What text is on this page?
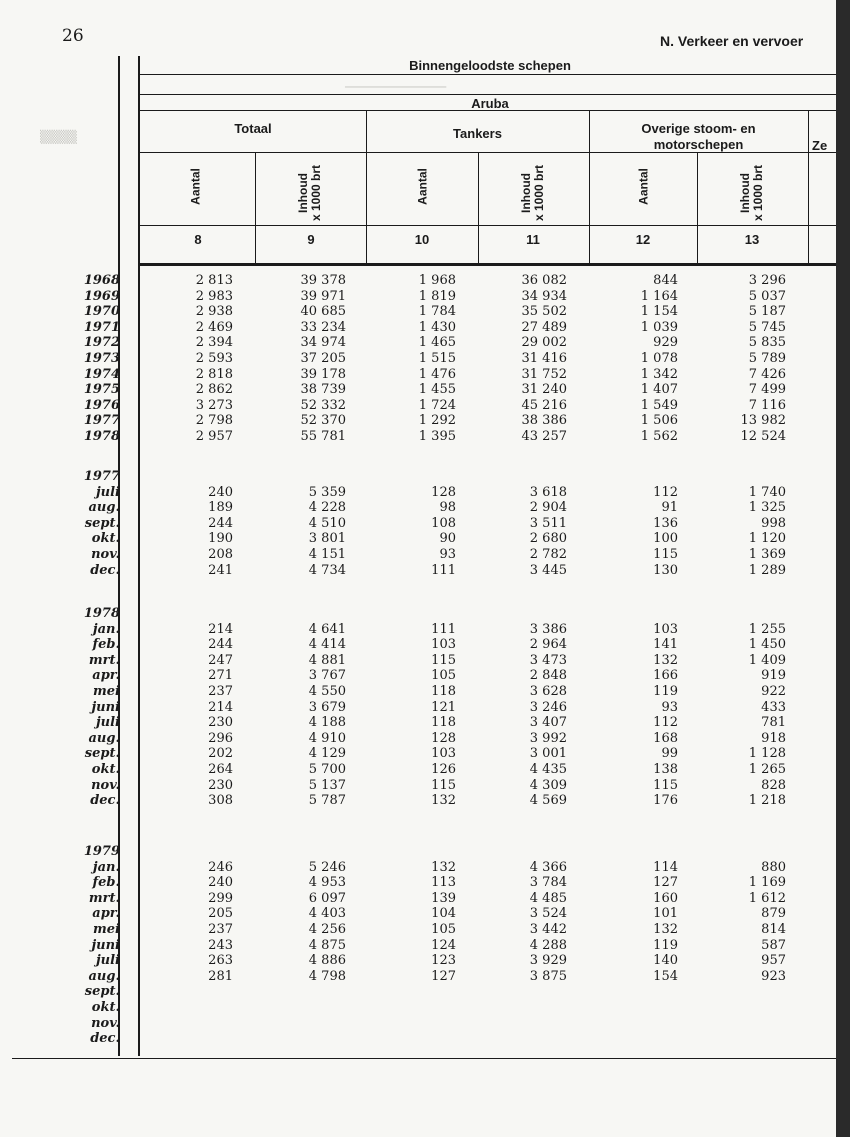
──────────────
▒▒▒▒
26	N. Verkeer en vervoer
Binnengeloodste schepen
Aruba
Totaal	Tankers	Overige stoom- en
motorschepen	Ze
Aantal	Inhoud x 1000 brt	Aantal	Inhoud x 1000 brt	Aantal	Inhoud x 1000 brt
8	9	10	11	12	13
1968	2 813	39 378	1 968	36 082	844	3 296
1969	2 983	39 971	1 819	34 934	1 164	5 037
1970	2 938	40 685	1 784	35 502	1 154	5 187
1971	2 469	33 234	1 430	27 489	1 039	5 745
1972	2 394	34 974	1 465	29 002	929	5 835
1973	2 593	37 205	1 515	31 416	1 078	5 789
1974	2 818	39 178	1 476	31 752	1 342	7 426
1975	2 862	38 739	1 455	31 240	1 407	7 499
1976	3 273	52 332	1 724	45 216	1 549	7 116
1977	2 798	52 370	1 292	38 386	1 506	13 982
1978	2 957	55 781	1 395	43 257	1 562	12 524
1977
juli	240	5 359	128	3 618	112	1 740
aug.	189	4 228	98	2 904	91	1 325
sept.	244	4 510	108	3 511	136	998
okt.	190	3 801	90	2 680	100	1 120
nov.	208	4 151	93	2 782	115	1 369
dec.	241	4 734	111	3 445	130	1 289
1978
jan.	214	4 641	111	3 386	103	1 255
feb.	244	4 414	103	2 964	141	1 450
mrt.	247	4 881	115	3 473	132	1 409
apr.	271	3 767	105	2 848	166	919
mei	237	4 550	118	3 628	119	922
juni	214	3 679	121	3 246	93	433
juli	230	4 188	118	3 407	112	781
aug.	296	4 910	128	3 992	168	918
sept.	202	4 129	103	3 001	99	1 128
okt.	264	5 700	126	4 435	138	1 265
nov.	230	5 137	115	4 309	115	828
dec.	308	5 787	132	4 569	176	1 218
1979
jan.	246	5 246	132	4 366	114	880
feb.	240	4 953	113	3 784	127	1 169
mrt.	299	6 097	139	4 485	160	1 612
apr.	205	4 403	104	3 524	101	879
mei	237	4 256	105	3 442	132	814
juni	243	4 875	124	4 288	119	587
juli	263	4 886	123	3 929	140	957
aug.	281	4 798	127	3 875	154	923
sept.
okt.
nov.
dec.
